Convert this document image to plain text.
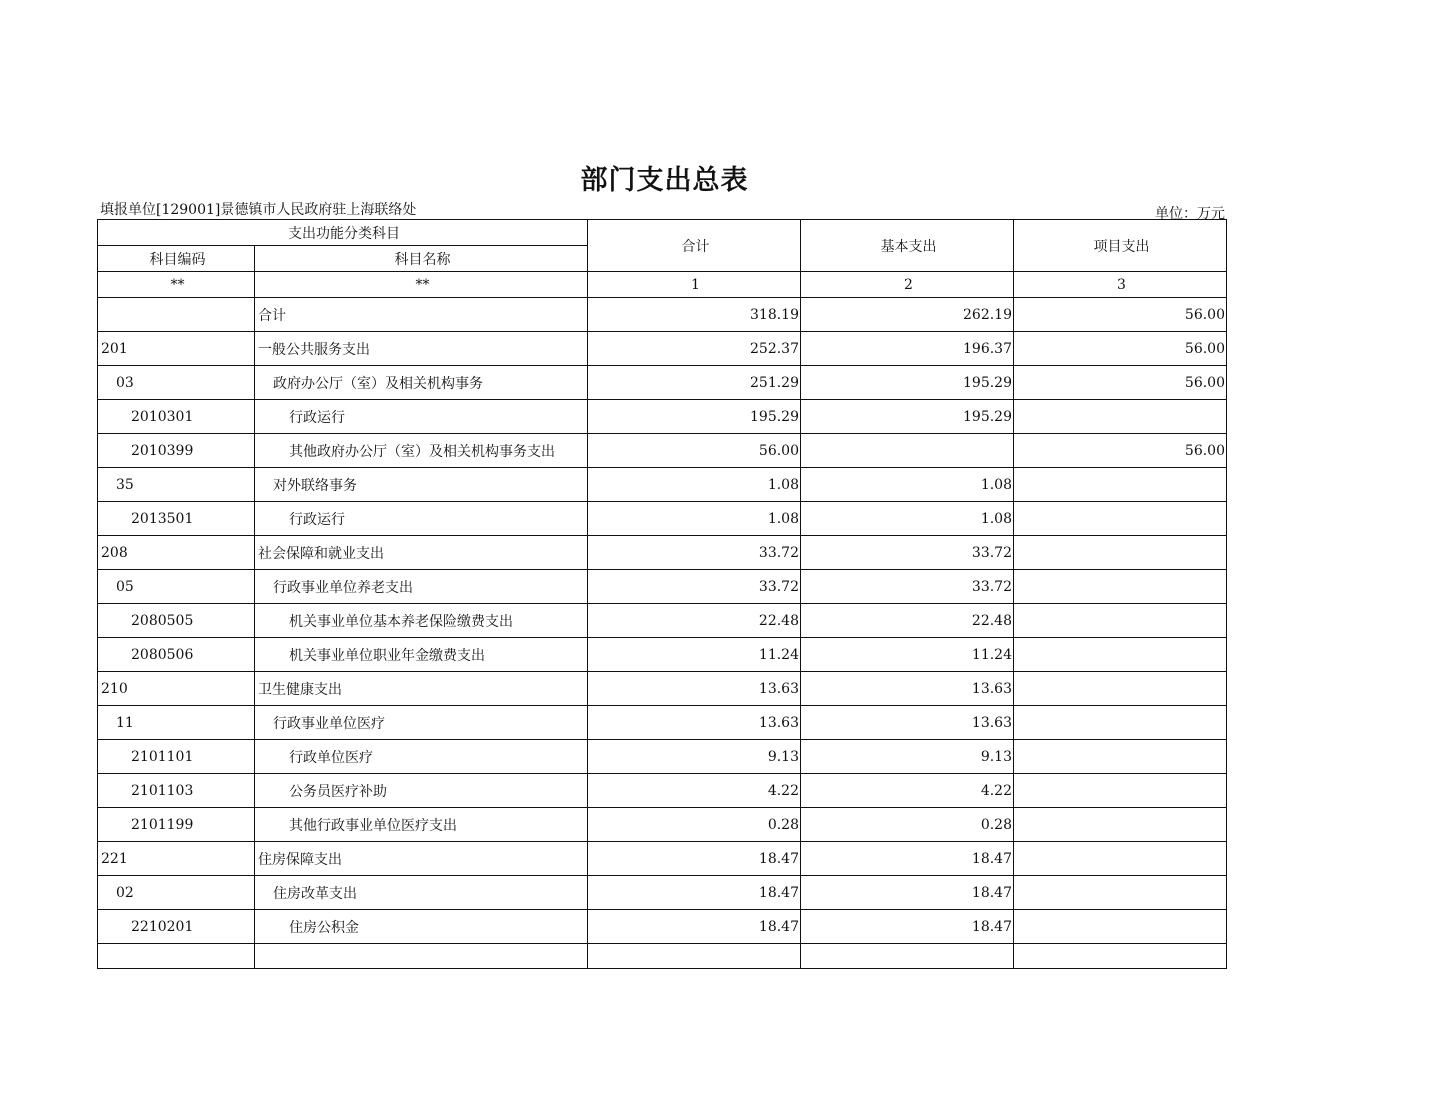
部门支出总表
填报单位[129001]景德镇市人民政府驻上海联络处	单位：万元
支出功能分类科目		合计	基本支出	项目支出
科目编码	科目名称			
**	**	1	2	3
	合计	318.19	262.19	56.00
201	一般公共服务支出	252.37	196.37	56.00
03	政府办公厅（室）及相关机构事务	251.29	195.29	56.00
2010301	行政运行	195.29	195.29	
2010399	其他政府办公厅（室）及相关机构事务支出	56.00		56.00
35	对外联络事务	1.08	1.08	
2013501	行政运行	1.08	1.08	
208	社会保障和就业支出	33.72	33.72	
05	行政事业单位养老支出	33.72	33.72	
2080505	机关事业单位基本养老保险缴费支出	22.48	22.48	
2080506	机关事业单位职业年金缴费支出	11.24	11.24	
210	卫生健康支出	13.63	13.63	
11	行政事业单位医疗	13.63	13.63	
2101101	行政单位医疗	9.13	9.13	
2101103	公务员医疗补助	4.22	4.22	
2101199	其他行政事业单位医疗支出	0.28	0.28	
221	住房保障支出	18.47	18.47	
02	住房改革支出	18.47	18.47	
2210201	住房公积金	18.47	18.47	
